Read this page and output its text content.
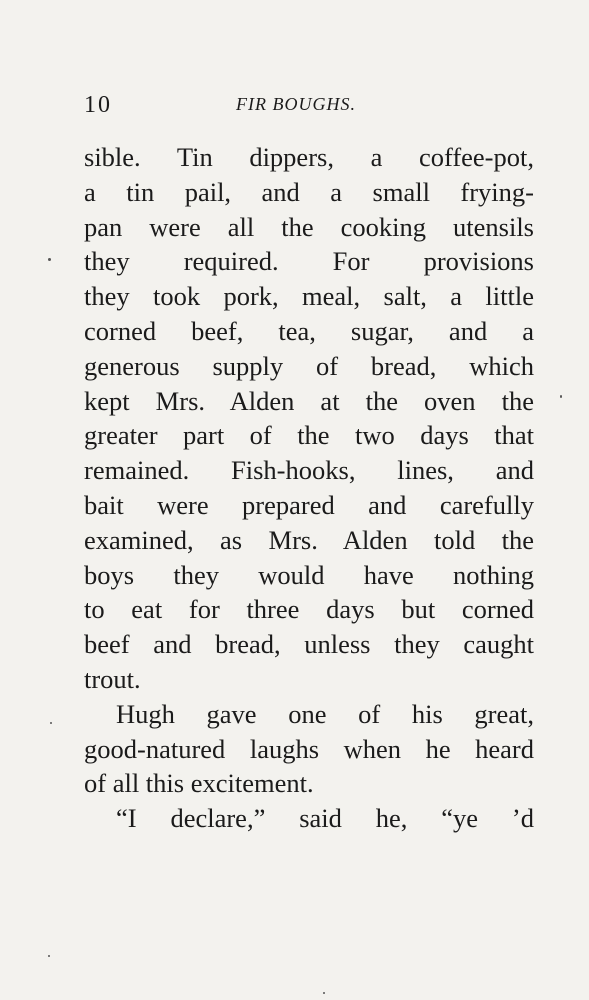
10	FIR BOUGHS.
sible. Tin dippers, a coffee-pot,
a tin pail, and a small frying-
pan were all the cooking utensils
they required. For provisions
they took pork, meal, salt, a little
corned beef, tea, sugar, and a
generous supply of bread, which
kept Mrs. Alden at the oven the
greater part of the two days that
remained. Fish-hooks, lines, and
bait were prepared and carefully
examined, as Mrs. Alden told the
boys they would have nothing
to eat for three days but corned
beef and bread, unless they caught
trout.
Hugh gave one of his great,
good-natured laughs when he heard
of all this excitement.
“I declare,” said he, “ye ’d
